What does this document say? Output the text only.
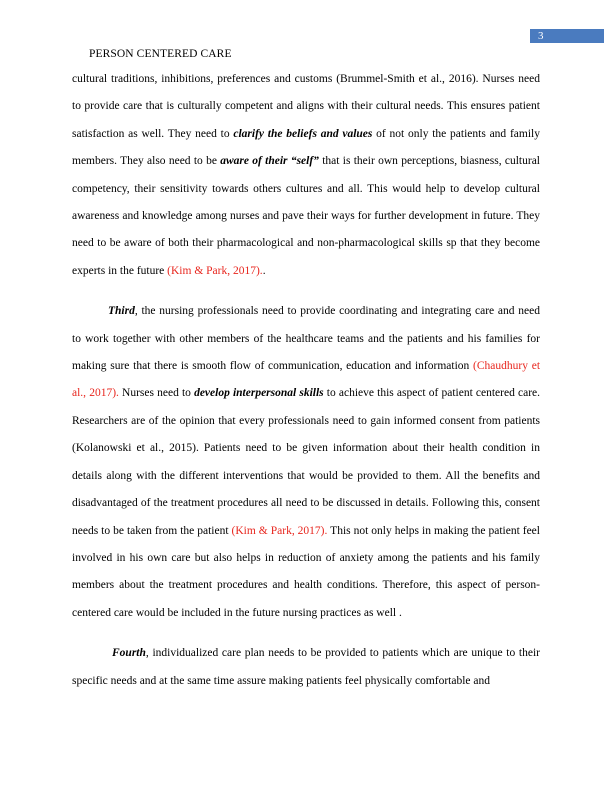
3
PERSON CENTERED CARE

cultural traditions, inhibitions, preferences and customs (Brummel-Smith et al., 2016). Nurses need to provide care that is culturally competent and aligns with their cultural needs. This ensures patient satisfaction as well. They need to clarify the beliefs and values of not only the patients and family members. They also need to be aware of their “self” that is their own perceptions, biasness, cultural competency, their sensitivity towards others cultures and all. This would help to develop cultural awareness and knowledge among nurses and pave their ways for further development in future. They need to be aware of both their pharmacological and non-pharmacological skills sp that they become experts in the future (Kim & Park, 2017)..

Third, the nursing professionals need to provide coordinating and integrating care and need to work together with other members of the healthcare teams and the patients and his families for making sure that there is smooth flow of communication, education and information (Chaudhury et al., 2017). Nurses need to develop interpersonal skills to achieve this aspect of patient centered care. Researchers are of the opinion that every professionals need to gain informed consent from patients (Kolanowski et al., 2015). Patients need to be given information about their health condition in details along with the different interventions that would be provided to them. All the benefits and disadvantaged of the treatment procedures all need to be discussed in details. Following this, consent needs to be taken from the patient (Kim & Park, 2017). This not only helps in making the patient feel involved in his own care but also helps in reduction of anxiety among the patients and his family members about the treatment procedures and health conditions. Therefore, this aspect of person-centered care would be included in the future nursing practices as well .

Fourth, individualized care plan needs to be provided to patients which are unique to their specific needs and at the same time assure making patients feel physically comfortable and
